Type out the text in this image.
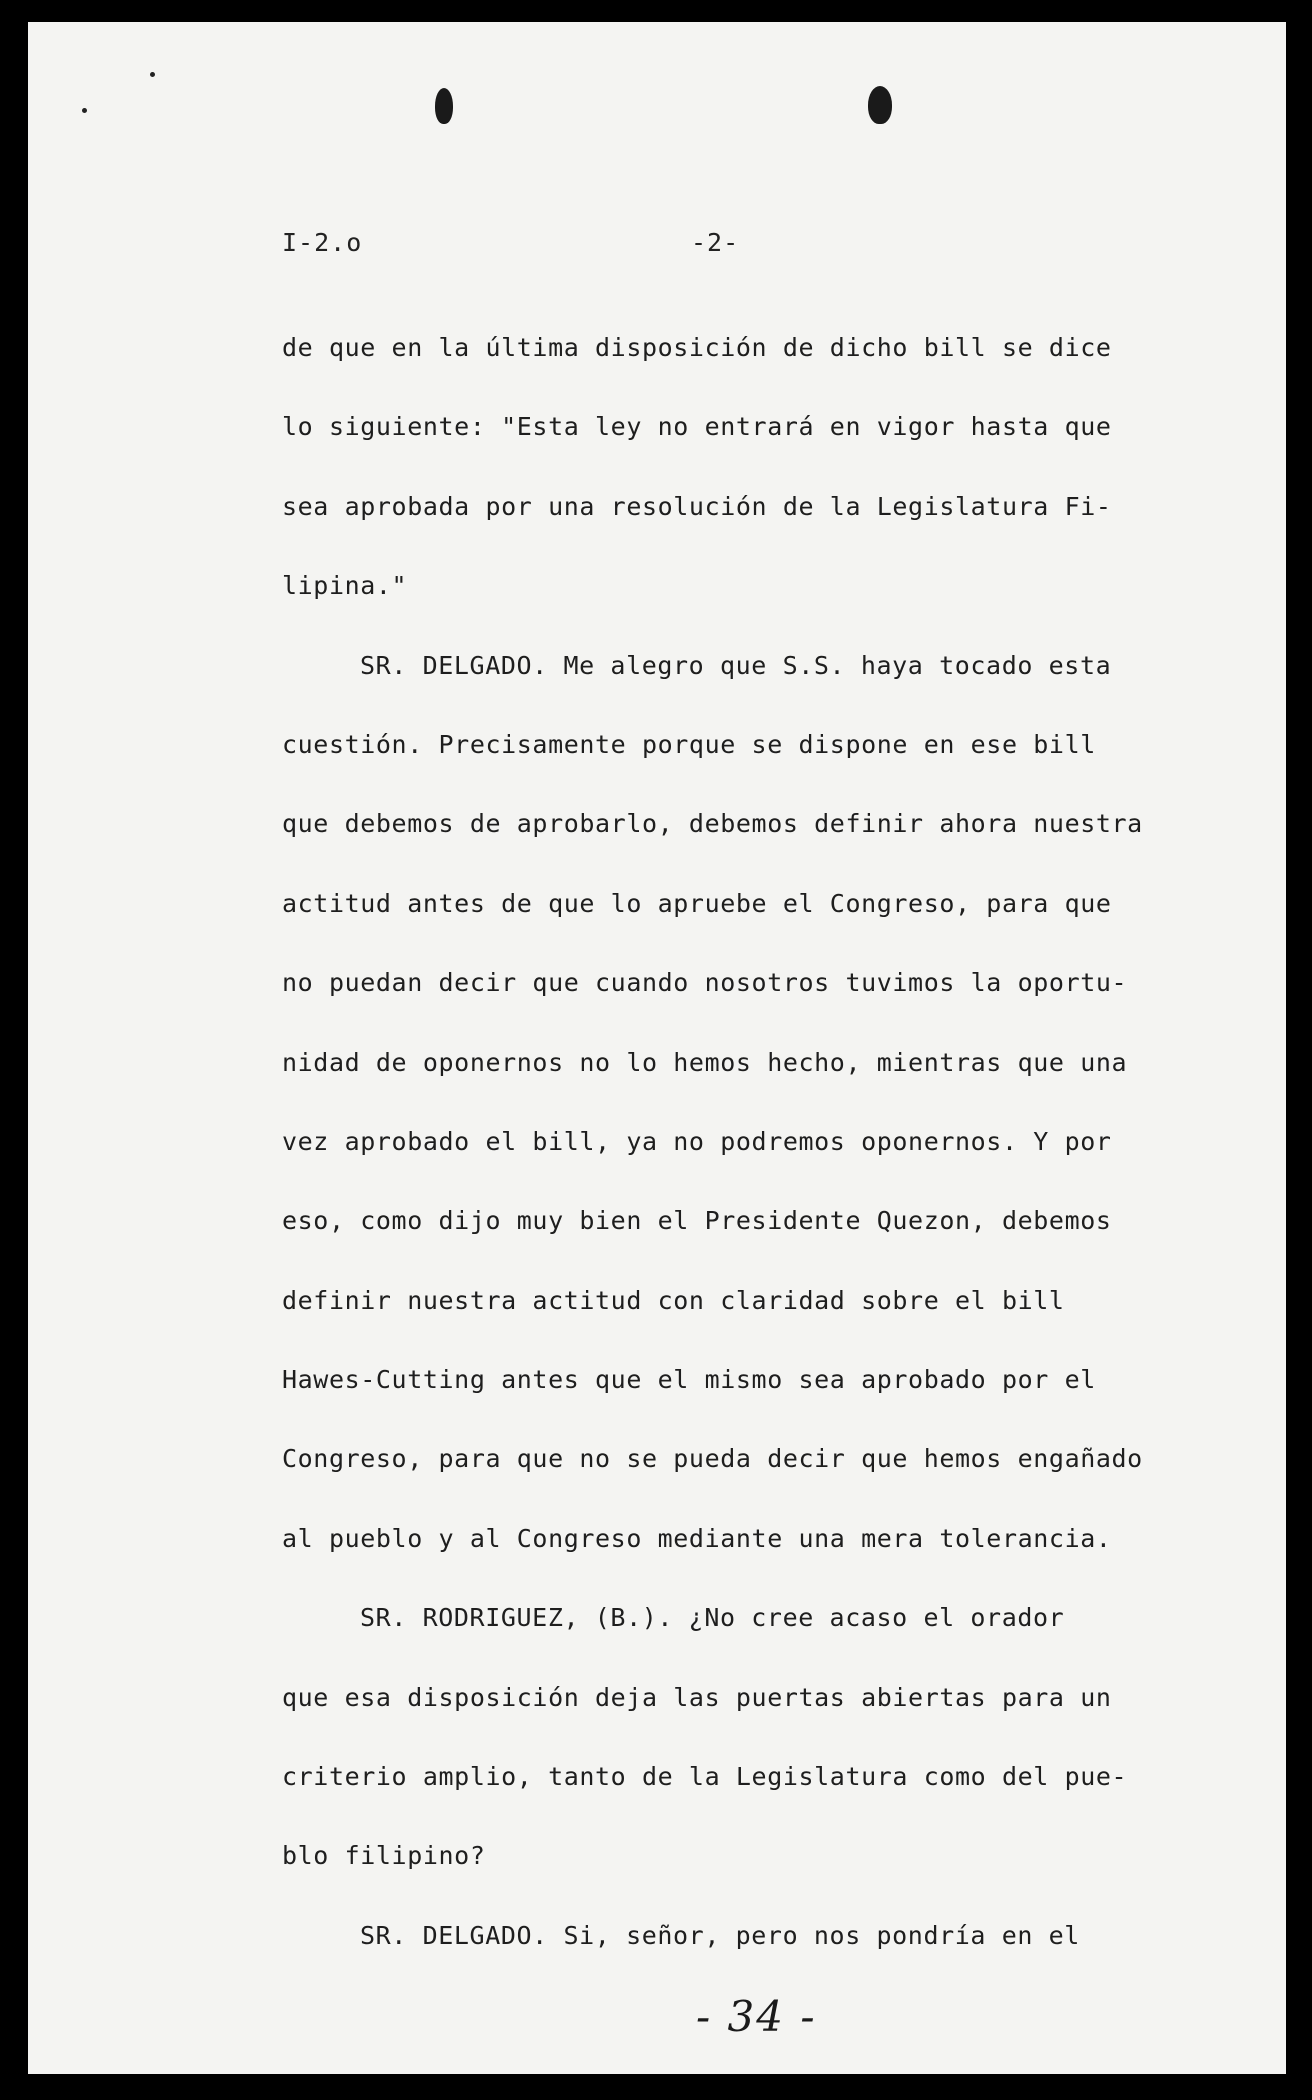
I-2.o	-2-
de que en la última disposición de dicho bill se dice
lo siguiente: "Esta ley no entrará en vigor hasta que
sea aprobada por una resolución de la Legislatura Fi-
lipina."
SR. DELGADO. Me alegro que S.S. haya tocado esta
cuestión. Precisamente porque se dispone en ese bill
que debemos de aprobarlo, debemos definir ahora nuestra
actitud antes de que lo apruebe el Congreso, para que
no puedan decir que cuando nosotros tuvimos la oportu-
nidad de oponernos no lo hemos hecho, mientras que una
vez aprobado el bill, ya no podremos oponernos. Y por
eso, como dijo muy bien el Presidente Quezon, debemos
definir nuestra actitud con claridad sobre el bill
Hawes-Cutting antes que el mismo sea aprobado por el
Congreso, para que no se pueda decir que hemos engañado
al pueblo y al Congreso mediante una mera tolerancia.
SR. RODRIGUEZ, (B.). ¿No cree acaso el orador
que esa disposición deja las puertas abiertas para un
criterio amplio, tanto de la Legislatura como del pue-
blo filipino?
SR. DELGADO. Si, señor, pero nos pondría en el
- 34 -
